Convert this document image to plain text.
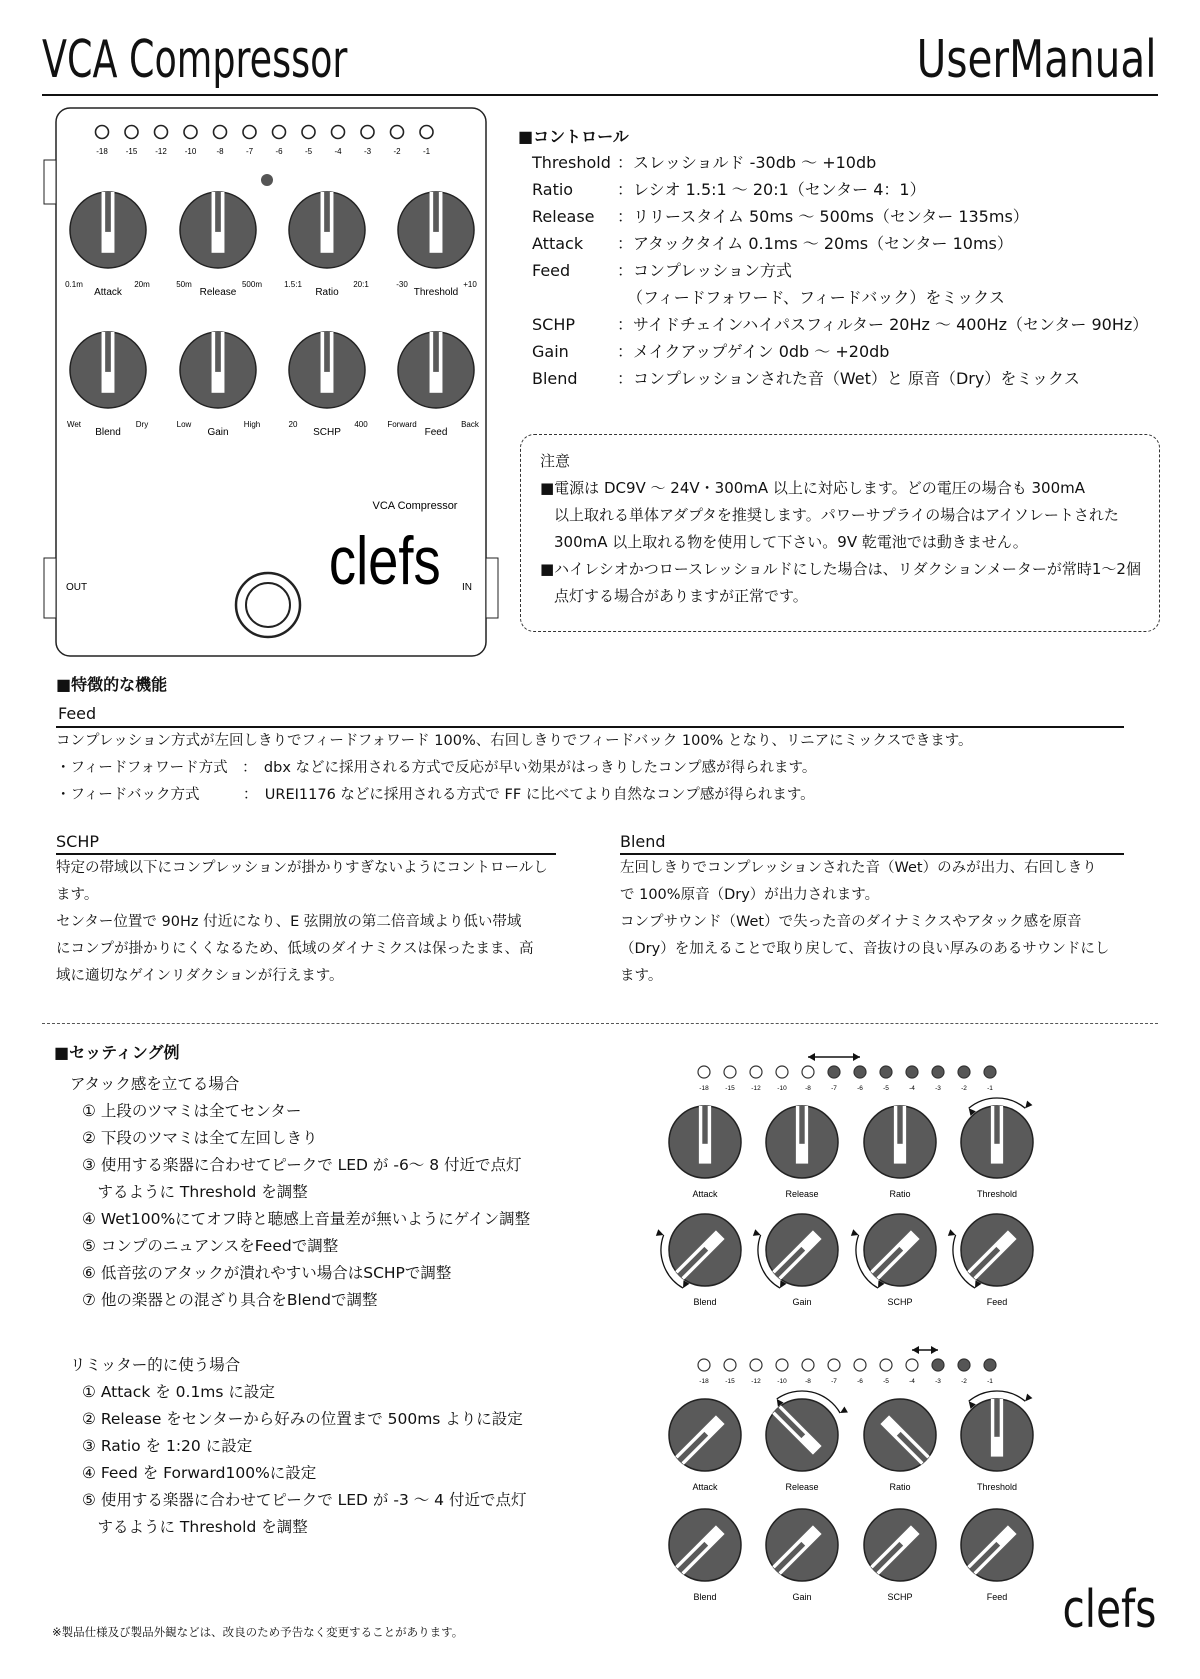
VCA Compressor	UserManual
-18 -15 -12 -10	-8	-7	-6	-5	-4	-3	-2	-1
0.1m	20m
Attack
50m	500m
Release
1.5:1	20:1
Ratio
-30	+10
Threshold
Wet	Dry
Blend
Low	High
Gain
20	400
SCHP
Forward	Back
Feed
VCA Compressor
clefs
OUT	IN
■コントロール
Threshold ：スレッショルド -30db ～ +10db
Ratio	：レシオ 1.5:1 ～ 20:1（センター 4：1）
Release ：リリースタイム 50ms ～ 500ms（センター 135ms）
Attack ：アタックタイム 0.1ms ～ 20ms（センター 10ms）
Feed	：コンプレッション方式
（フィードフォワード、フィードバック）をミックス
SCHP	：サイドチェインハイパスフィルター 20Hz ～ 400Hz（センター 90Hz）
Gain	：メイクアップゲイン 0db ～ +20db
Blend ：コンプレッションされた音（Wet）と 原音（Dry）をミックス
注意
■電源は DC9V ～ 24V・300mA 以上に対応します。どの電圧の場合も 300mA
以上取れる単体アダプタを推奨します。パワーサプライの場合はアイソレートされた
300mA 以上取れる物を使用して下さい。9V 乾電池では動きません。
■ハイレシオかつロースレッショルドにした場合は、リダクションメーターが常時1～2個
点灯する場合がありますが正常です。
■特徴的な機能
Feed
コンプレッション方式が左回しきりでフィードフォワード 100%、右回しきりでフィードバック 100% となり、リニアにミックスできます。
・フィードフォワード方式　：　dbx などに採用される方式で反応が早い効果がはっきりしたコンプ感が得られます。
・フィードバック方式　　　：　UREI1176 などに採用される方式で FF に比べてより自然なコンプ感が得られます。
SCHP
特定の帯域以下にコンプレッションが掛かりすぎないようにコントロールし
ます。
センター位置で 90Hz 付近になり、E 弦開放の第二倍音域より低い帯域
にコンプが掛かりにくくなるため、低域のダイナミクスは保ったまま、高
域に適切なゲインリダクションが行えます。
Blend
左回しきりでコンプレッションされた音（Wet）のみが出力、右回しきり
で 100%原音（Dry）が出力されます。
コンプサウンド（Wet）で失った音のダイナミクスやアタック感を原音
（Dry）を加えることで取り戻して、音抜けの良い厚みのあるサウンドにし
ます。
■セッティング例
アタック感を立てる場合
① 上段のツマミは全てセンター
② 下段のツマミは全て左回しきり
③ 使用する楽器に合わせてピークで LED が -6～ 8 付近で点灯
　するように Threshold を調整
④ Wet100%にてオフ時と聴感上音量差が無いようにゲイン調整
⑤ コンプのニュアンスをFeedで調整
⑥ 低音弦のアタックが潰れやすい場合はSCHPで調整
⑦ 他の楽器との混ざり具合をBlendで調整
リミッター的に使う場合
① Attack を 0.1ms に設定
② Release をセンターから好みの位置まで 500ms よりに設定
③ Ratio を 1:20 に設定
④ Feed を Forward100%に設定
⑤ 使用する楽器に合わせてピークで LED が -3 ～ 4 付近で点灯
　するように Threshold を調整
-18	-15	-12	-10	-8	-7	-6	-5	-4	-3	-2	-1
Attack	Release	Ratio	Threshold
Blend	Gain	SCHP	Feed
-18	-15	-12	-10	-8	-7	-6	-5	-4	-3	-2	-1
Attack	Release	Ratio	Threshold
Blend	Gain	SCHP	Feed
※製品仕様及び製品外観などは、改良のため予告なく変更することがあります。	clefs
